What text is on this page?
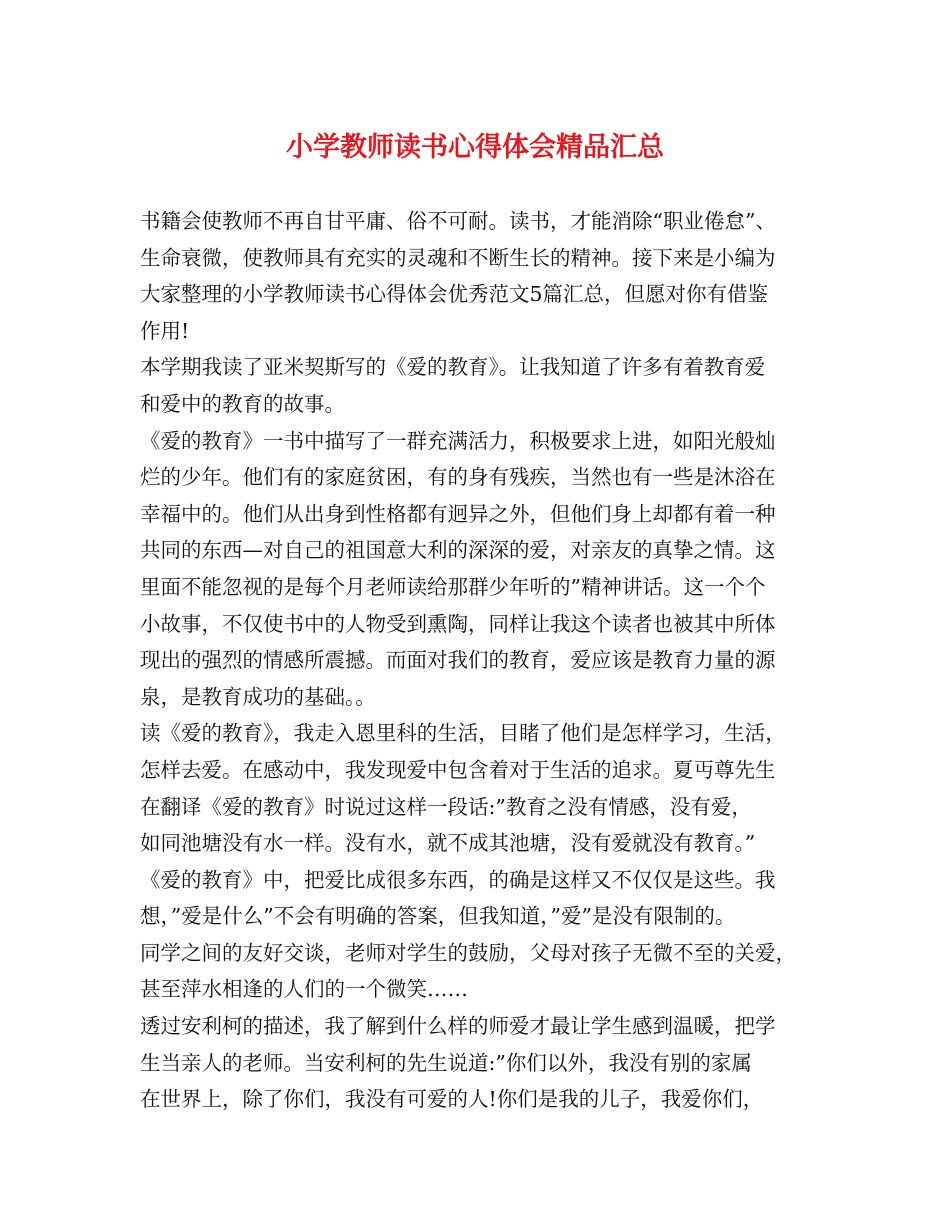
小学教师读书心得体会精品汇总
书籍会使教师不再自甘平庸、俗不可耐。读书，才能消除“职业倦怠”、
生命衰微，使教师具有充实的灵魂和不断生长的精神。接下来是小编为
大家整理的小学教师读书心得体会优秀范文5篇汇总，但愿对你有借鉴
作用!
本学期我读了亚米契斯写的《爱的教育》。让我知道了许多有着教育爱
和爱中的教育的故事。
《爱的教育》一书中描写了一群充满活力，积极要求上进，如阳光般灿
烂的少年。他们有的家庭贫困，有的身有残疾，当然也有一些是沐浴在
幸福中的。他们从出身到性格都有迥异之外，但他们身上却都有着一种
共同的东西—对自己的祖国意大利的深深的爱，对亲友的真挚之情。这
里面不能忽视的是每个月老师读给那群少年听的”精神讲话。这一个个
小故事，不仅使书中的人物受到熏陶，同样让我这个读者也被其中所体
现出的强烈的情感所震撼。而面对我们的教育，爱应该是教育力量的源
泉，是教育成功的基础。。
读《爱的教育》，我走入恩里科的生活，目睹了他们是怎样学习，生活，
怎样去爱。在感动中，我发现爱中包含着对于生活的追求。夏丏尊先生
在翻译《爱的教育》时说过这样一段话:”教育之没有情感，没有爱，
如同池塘没有水一样。没有水，就不成其池塘，没有爱就没有教育。”
《爱的教育》中，把爱比成很多东西，的确是这样又不仅仅是这些。我
想，”爱是什么”不会有明确的答案，但我知道，”爱”是没有限制的。
同学之间的友好交谈，老师对学生的鼓励，父母对孩子无微不至的关爱，
甚至萍水相逢的人们的一个微笑……
透过安利柯的描述，我了解到什么样的师爱才最让学生感到温暖，把学
生当亲人的老师。当安利柯的先生说道:”你们以外，我没有别的家属
在世界上，除了你们，我没有可爱的人!你们是我的儿子，我爱你们，
